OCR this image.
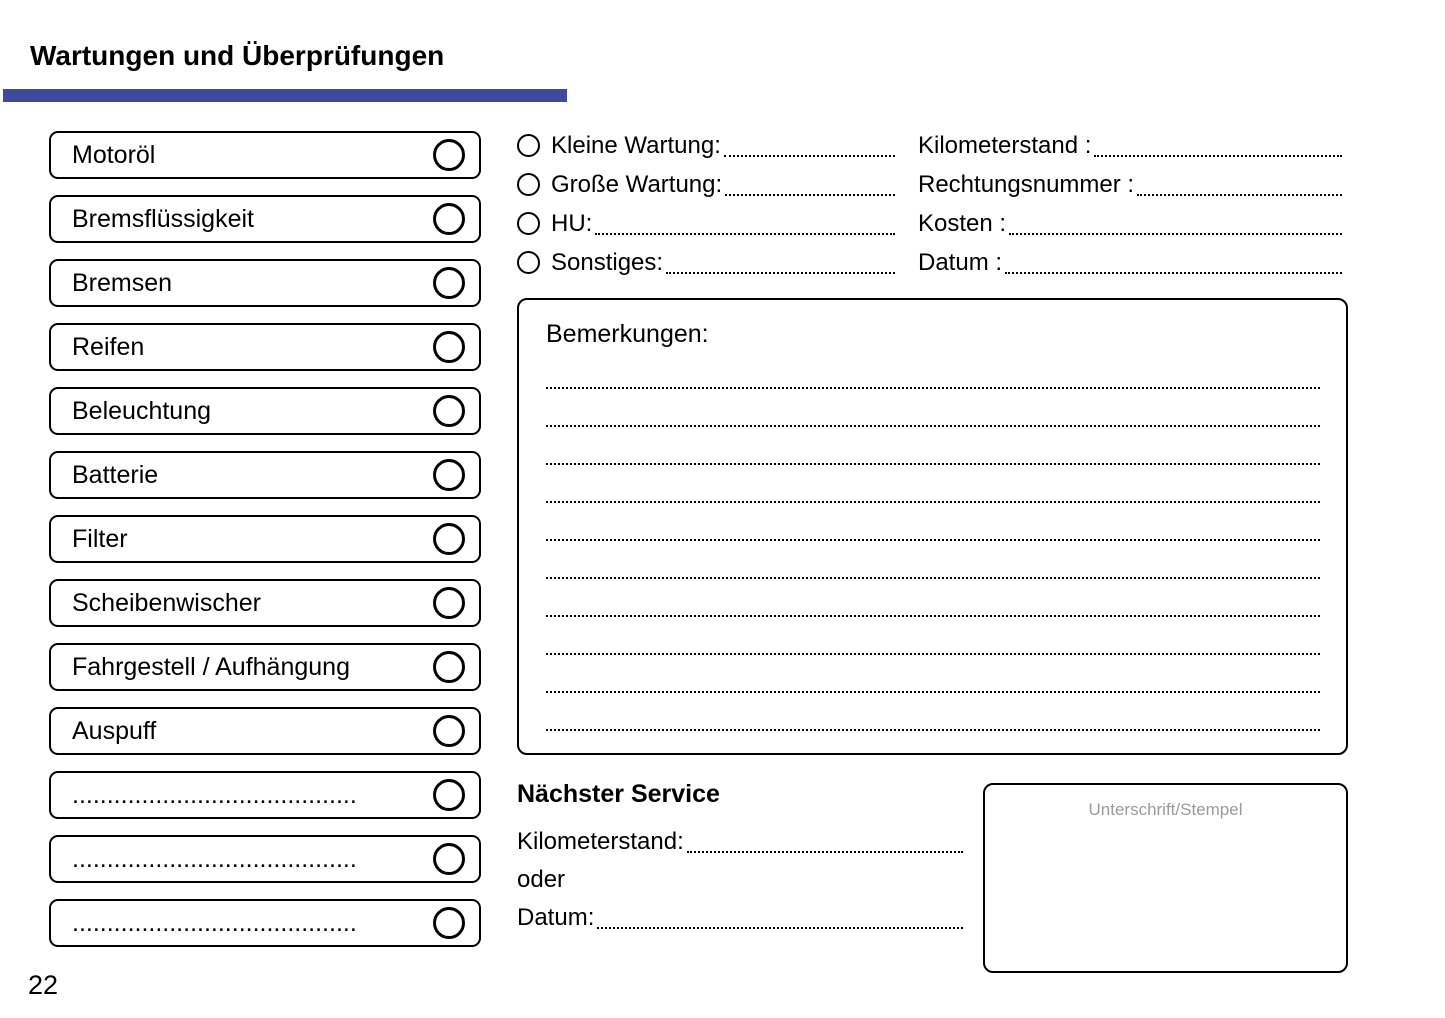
Wartungen und Überprüfungen
Motoröl
Bremsflüssigkeit
Bremsen
Reifen
Beleuchtung
Batterie
Filter
Scheibenwischer
Fahrgestell / Aufhängung
Auspuff
.........................................
.........................................
.........................................
Kleine Wartung:
Große Wartung:
HU:
Sonstiges:
Kilometerstand :
Rechtungsnummer :
Kosten :
Datum :
Bemerkungen:
Nächster Service
Kilometerstand:
oder
Datum:
Unterschrift/Stempel
22
